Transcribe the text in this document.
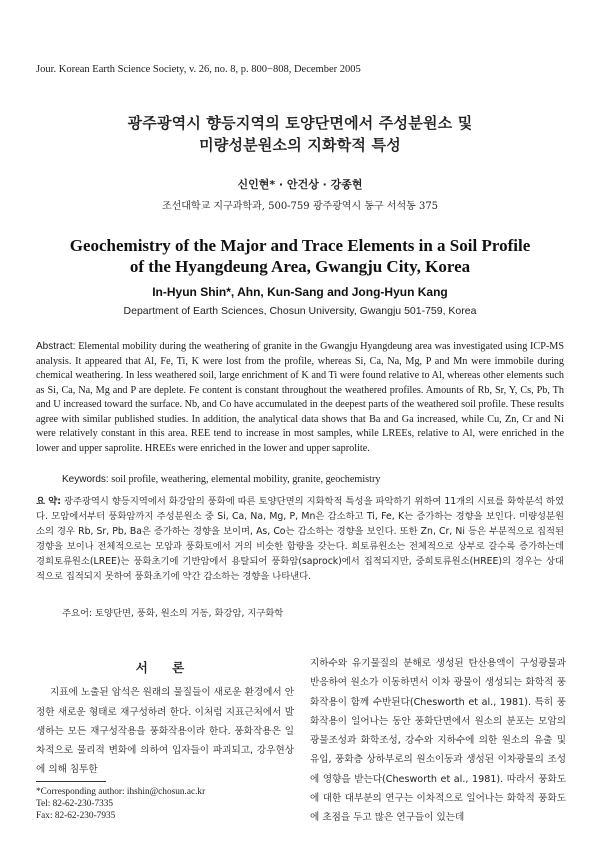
Jour. Korean Earth Science Society, v. 26, no. 8, p. 800−808, December 2005
광주광역시 향등지역의 토양단면에서 주성분원소 및
미량성분원소의 지화학적 특성
신인현* · 안건상 · 강종현
조선대학교 지구과학과, 500-759 광주광역시 동구 서석동 375
Geochemistry of the Major and Trace Elements in a Soil Profile
of the Hyangdeung Area, Gwangju City, Korea
In-Hyun Shin*, Ahn, Kun-Sang and Jong-Hyun Kang
Department of Earth Sciences, Chosun University, Gwangju 501-759, Korea
Abstract: Elemental mobility during the weathering of granite in the Gwangju Hyangdeung area was investigated using ICP-MS analysis. It appeared that Al, Fe, Ti, K were lost from the profile, whereas Si, Ca, Na, Mg, P and Mn were immobile during chemical weathering. In less weathered soil, large enrichment of K and Ti were found relative to Al, whereas other elements such as Si, Ca, Na, Mg and P are deplete. Fe content is constant throughout the weathered profiles. Amounts of Rb, Sr, Y, Cs, Pb, Th and U increased toward the surface. Nb, and Co have accumulated in the deepest parts of the weathered soil profile. These results agree with similar published studies. In addition, the analytical data shows that Ba and Ga increased, while Cu, Zn, Cr and Ni were relatively constant in this area. REE tend to increase in most samples, while LREEs, relative to Al, were enriched in the lower and upper saprolite. HREEs were enriched in the lower and upper saprolite.
Keywords: soil profile, weathering, elemental mobility, granite, geochemistry
요 약: 광주광역시 향등지역에서 화강암의 풍화에 따른 토양단면의 지화학적 특성을 파악하기 위하여 11개의 시료를 화학분석 하였다. 모암에서부터 풍화암까지 주성분원소 중 Si, Ca, Na, Mg, P, Mn은 감소하고 Ti, Fe, K는 증가하는 경향을 보인다. 미량성분원소의 경우 Rb, Sr, Pb, Ba은 증가하는 경향을 보이며, As, Co는 감소하는 경향을 보인다. 또한 Zn, Cr, Ni 등은 부분적으로 집적된 경향을 보이나 전체적으로는 모암과 풍화토에서 거의 비슷한 함량을 갖는다. 희토류원소는 전체적으로 상부로 갈수록 증가하는데 경희토류원소(LREE)는 풍화초기에 기반암에서 용탈되어 풍화암(saprock)에서 집적되지만, 중희토류원소(HREE)의 경우는 상대적으로 집적되지 못하여 풍화초기에 약간 감소하는 경향을 나타낸다.
주요어: 토양단면, 풍화, 원소의 거동, 화강암, 지구화학
서 론

지표에 노출된 암석은 원래의 물질들이 새로운 환경에서 안정한 새로운 형태로 재구성하려 한다. 이처럼 지표근처에서 발생하는 모든 재구성작용을 풍화작용이라 한다. 풍화작용은 일차적으로 물리적 변화에 의하여 입자들이 파괴되고, 강우현상에 의해 침투한

지하수와 유기물질의 분해로 생성된 탄산용액이 구성광물과 반응하여 원소가 이동하면서 이차 광물이 생성되는 화학적 풍화작용이 함께 수반된다(Chesworth et al., 1981). 특히 풍화작용이 일어나는 동안 풍화단면에서 원소의 분포는 모암의 광물조성과 화학조성, 강수와 지하수에 의한 원소의 유출 및 유입, 풍화층 상하부로의 원소이동과 생성된 이차광물의 조성에 영향을 받는다(Chesworth et al., 1981). 따라서 풍화도에 대한 대부분의 연구는 이차적으로 일어나는 화학적 풍화도에 초점을 두고 많은 연구들이 있는데

*Corresponding author: ihshin@chosun.ac.kr
Tel: 82-62-230-7335
Fax: 82-62-230-7935
